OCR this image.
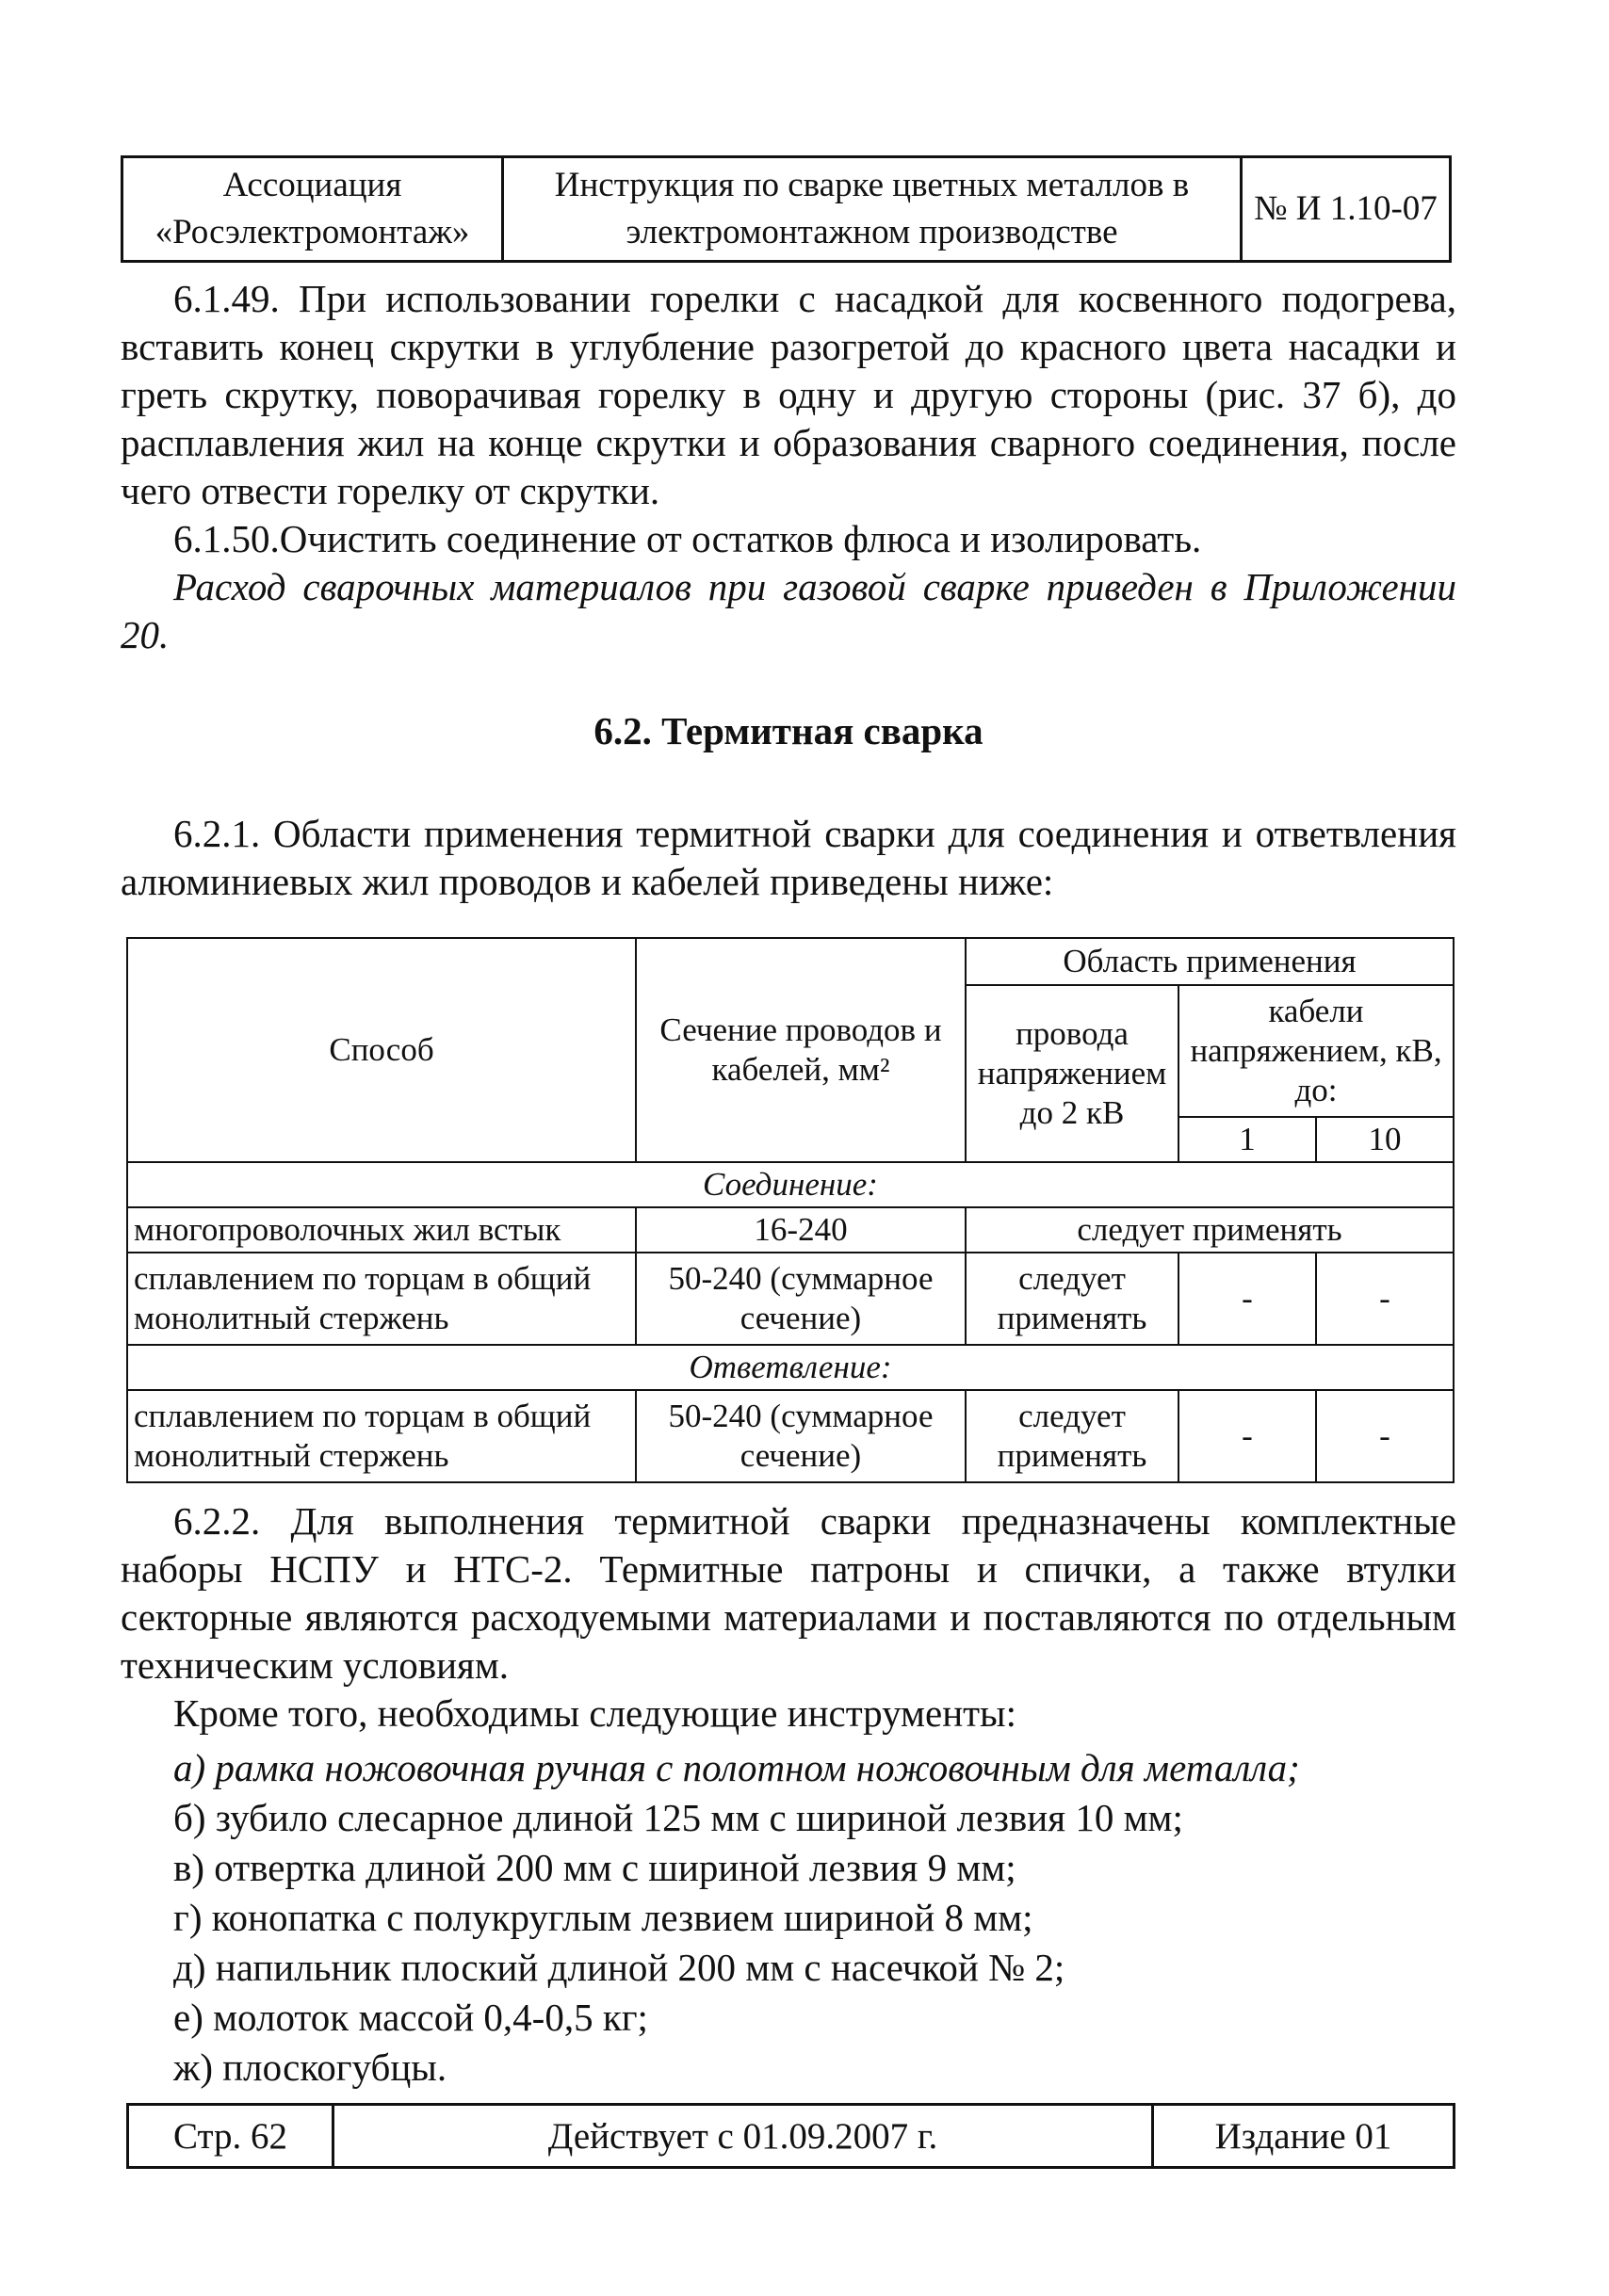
Ассоциация «Росэлектромонтаж»	Инструкция по сварке цветных металлов в электромонтажном производстве	№ И 1.10-07

6.1.49. При использовании горелки с насадкой для косвенного подогрева, вставить конец скрутки в углубление разогретой до красного цвета насадки и греть скрутку, поворачивая горелку в одну и другую стороны (рис. 37 б), до расплавления жил на конце скрутки и образования сварного соединения, после чего отвести горелку от скрутки.

6.1.50.Очистить соединение от остатков флюса и изолировать.

Расход сварочных материалов при газовой сварке приведен в Приложении 20.

6.2. Термитная сварка

6.2.1. Области применения термитной сварки для соединения и ответвления алюминиевых жил проводов и кабелей приведены ниже:

Способ	Сечение проводов и кабелей, мм²	Область применения		
		провода напряжением до 2 кВ	кабели напряжением, кВ, до:	
			1	10
Соединение:				
многопроволочных жил встык	16-240	следует применять		
сплавлением по торцам в общий монолитный стержень	50-240 (суммарное сечение)	следует применять	-	-
Ответвление:				
сплавлением по торцам в общий монолитный стержень	50-240 (суммарное сечение)	следует применять	-	-

6.2.2. Для выполнения термитной сварки предназначены комплектные наборы НСПУ и НТС-2. Термитные патроны и спички, а также втулки секторные являются расходуемыми материалами и поставляются по отдельным техническим условиям.

Кроме того, необходимы следующие инструменты:

а) рамка ножовочная ручная с полотном ножовочным для металла;

б) зубило слесарное длиной 125 мм с шириной лезвия 10 мм;

в) отвертка длиной 200 мм с шириной лезвия 9 мм;

г) конопатка с полукруглым лезвием шириной 8 мм;

д) напильник плоский длиной 200 мм с насечкой № 2;

е) молоток массой 0,4-0,5 кг;

ж) плоскогубцы.

Стр. 62	Действует с 01.09.2007 г.	Издание 01
